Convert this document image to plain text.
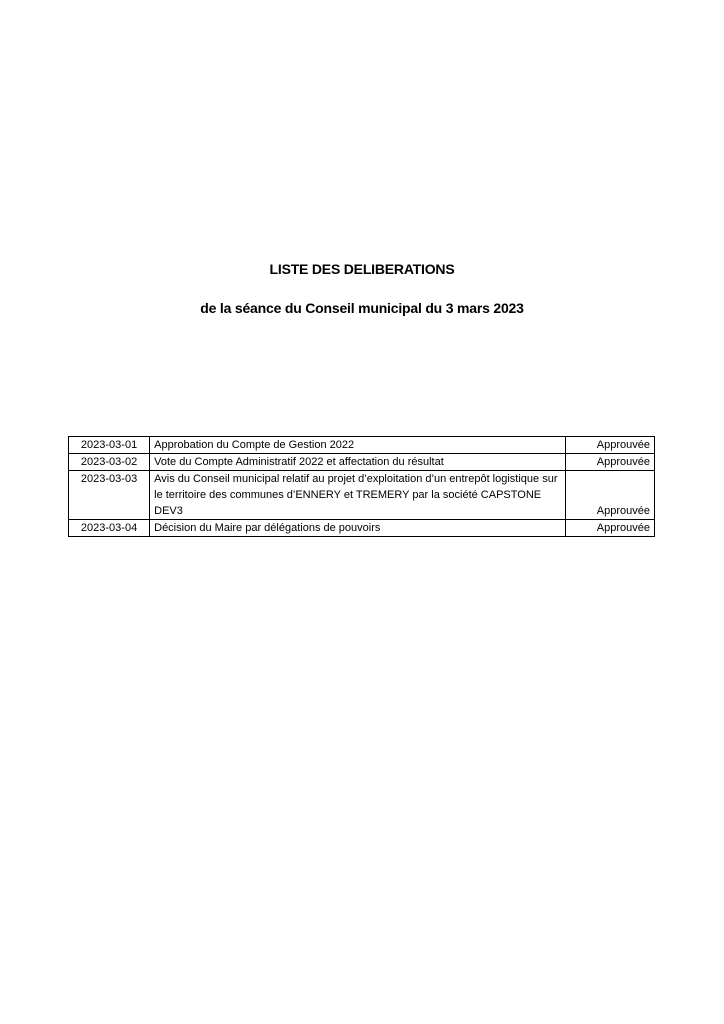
LISTE DES DELIBERATIONS
de la séance du Conseil municipal du 3 mars 2023
2023-03-01	Approbation du Compte de Gestion 2022	Approuvée
2023-03-02	Vote du Compte Administratif 2022 et affectation du résultat	Approuvée
2023-03-03	Avis du Conseil municipal relatif au projet d’exploitation d’un entrepôt logistique sur le territoire des communes d’ENNERY et TREMERY par la société CAPSTONE DEV3	Approuvée
2023-03-04	Décision du Maire par délégations de pouvoirs	Approuvée
